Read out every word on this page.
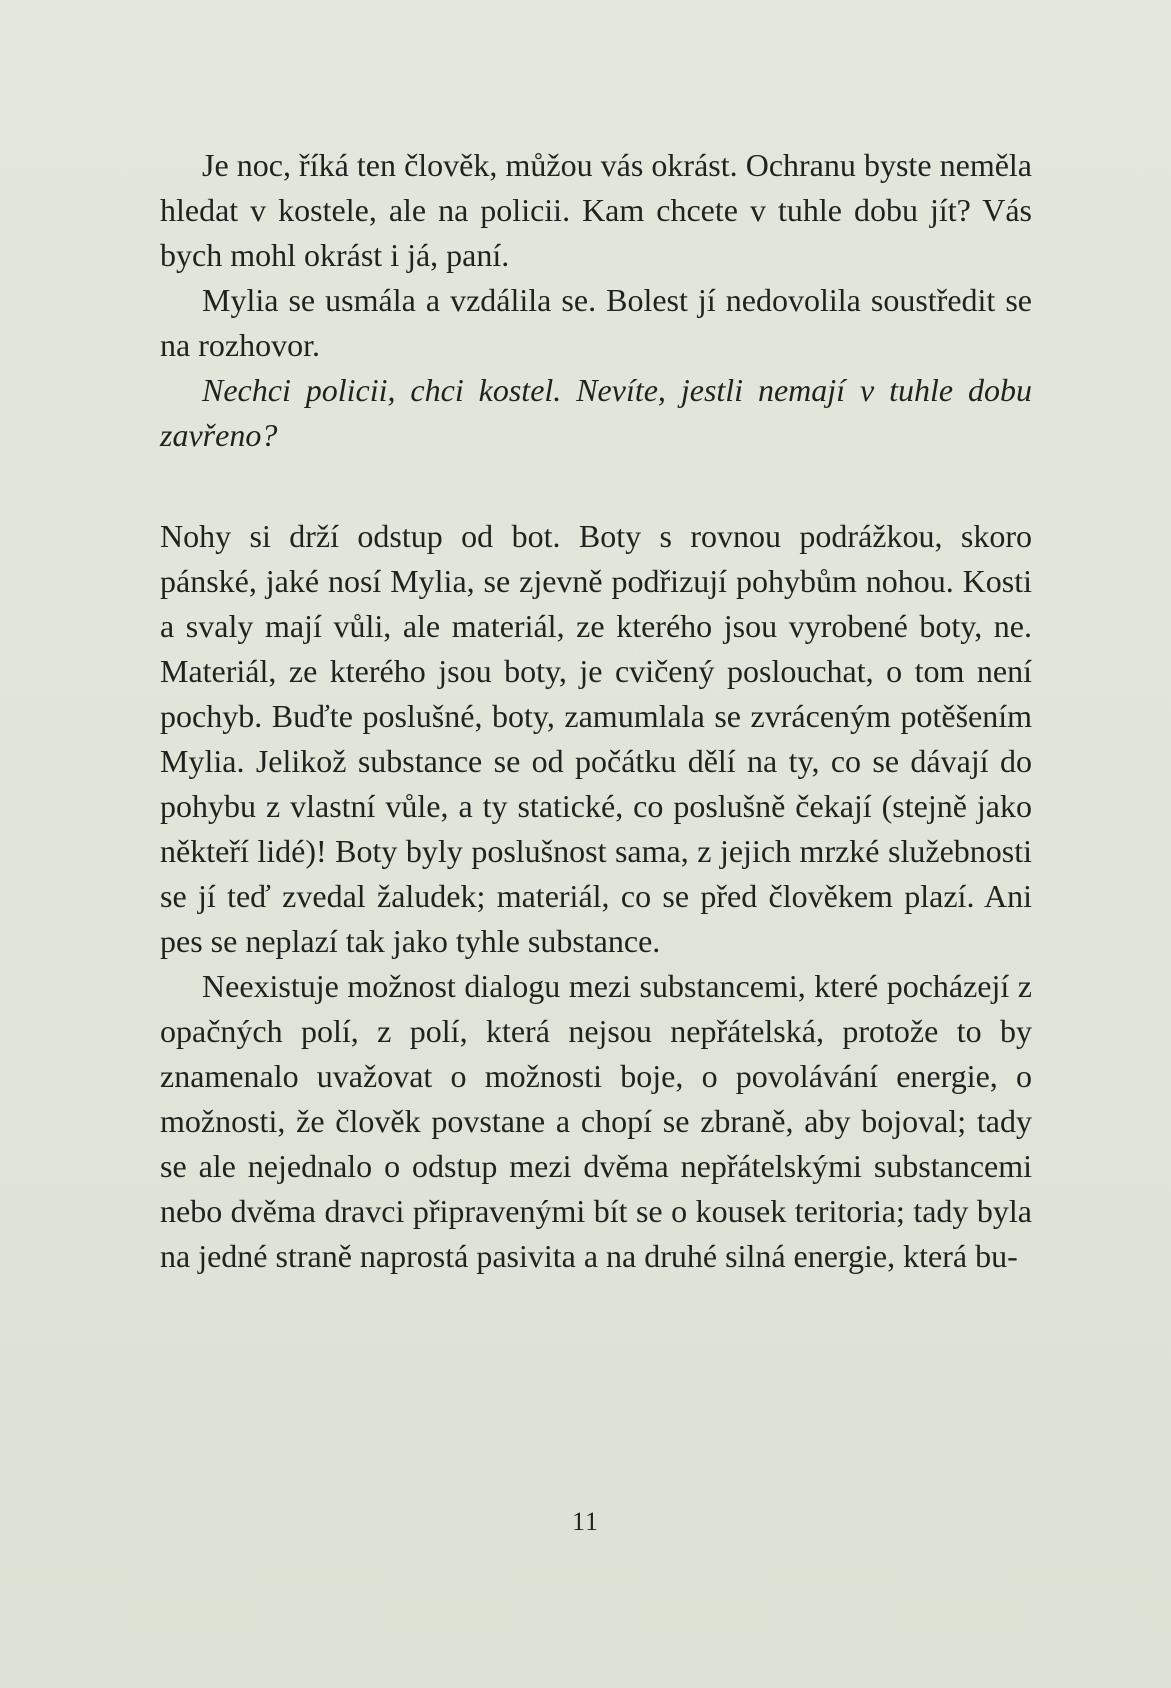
Je noc, říká ten člověk, můžou vás okrást. Ochranu byste neměla hledat v kostele, ale na policii. Kam chcete v tuhle dobu jít? Vás bych mohl okrást i já, paní.

Mylia se usmála a vzdálila se. Bolest jí nedovolila soustředit se na rozhovor.

Nechci policii, chci kostel. Nevíte, jestli nemají v tuhle dobu zavřeno?

Nohy si drží odstup od bot. Boty s rovnou podrážkou, skoro pánské, jaké nosí Mylia, se zjevně podřizují pohybům nohou. Kosti a svaly mají vůli, ale materiál, ze kterého jsou vyrobené boty, ne. Materiál, ze kterého jsou boty, je cvičený poslouchat, o tom není pochyb. Buďte poslušné, boty, zamumlala se zvráceným potěšením Mylia. Jelikož substance se od počátku dělí na ty, co se dávají do pohybu z vlastní vůle, a ty statické, co poslušně čekají (stejně jako někteří lidé)! Boty byly poslušnost sama, z jejich mrzké služebnosti se jí teď zvedal žaludek; materiál, co se před člověkem plazí. Ani pes se neplazí tak jako tyhle substance.

Neexistuje možnost dialogu mezi substancemi, které pocházejí z opačných polí, z polí, která nejsou nepřátelská, protože to by znamenalo uvažovat o možnosti boje, o povolávání energie, o možnosti, že člověk povstane a chopí se zbraně, aby bojoval; tady se ale nejednalo o odstup mezi dvěma nepřátelskými substancemi nebo dvěma dravci připravenými bít se o kousek teritoria; tady byla na jedné straně naprostá pasivita a na druhé silná energie, která bu-

11
